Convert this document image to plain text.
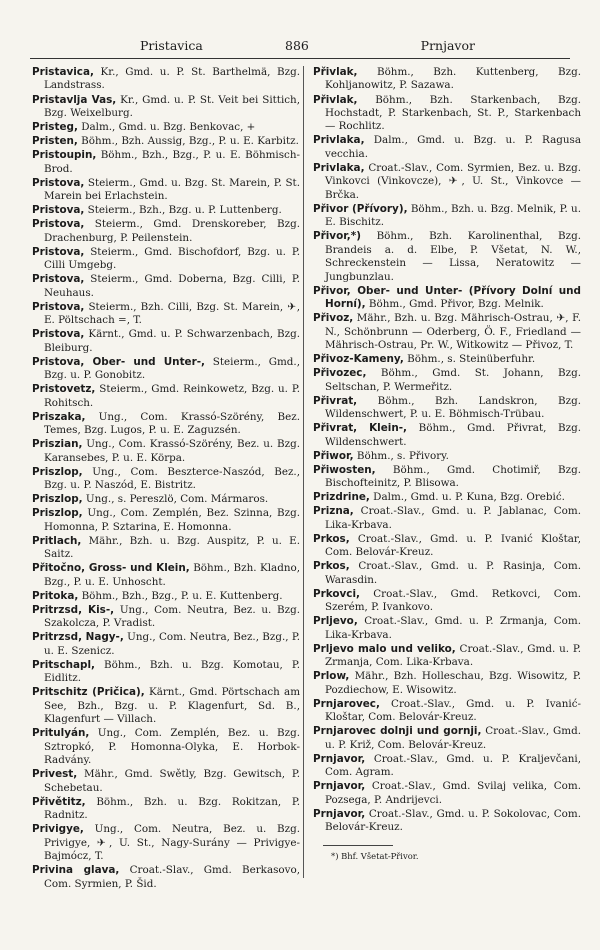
Pristavica	886	Prnjavor
Pristavica, Kr., Gmd. u. P. St. Barthelmä, Bzg. Landstrass.
Pristavlja Vas, Kr., Gmd. u. P. St. Veit bei Sittich, Bzg. Weixelburg.
Pristeg, Dalm., Gmd. u. Bzg. Benkovac, +
Pristen, Böhm., Bzh. Aussig, Bzg., P. u. E. Karbitz.
Pristoupin, Böhm., Bzh., Bzg., P. u. E. Böhmisch-Brod.
Pristova, Steierm., Gmd. u. Bzg. St. Marein, P. St. Marein bei Erlachstein.
Pristova, Steierm., Bzh., Bzg. u. P. Luttenberg.
Pristova, Steierm., Gmd. Drenskoreber, Bzg. Drachenburg, P. Peilenstein.
Pristova, Steierm., Gmd. Bischofdorf, Bzg. u. P. Cilli Umgebg.
Pristova, Steierm., Gmd. Doberna, Bzg. Cilli, P. Neuhaus.
Pristova, Steierm., Bzh. Cilli, Bzg. St. Marein, ✈, E. Pöltschach =, T.
Pristova, Kärnt., Gmd. u. P. Schwarzenbach, Bzg. Bleiburg.
Pristova, Ober- und Unter-, Steierm., Gmd., Bzg. u. P. Gonobitz.
Pristovetz, Steierm., Gmd. Reinkowetz, Bzg. u. P. Rohitsch.
Priszaka, Ung., Com. Krassó-Szörény, Bez. Temes, Bzg. Lugos, P. u. E. Zaguzsén.
Priszian, Ung., Com. Krassó-Szörény, Bez. u. Bzg. Karansebes, P. u. E. Körpa.
Priszlop, Ung., Com. Beszterce-Naszód, Bez., Bzg. u. P. Naszód, E. Bistritz.
Priszlop, Ung., s. Pereszlö, Com. Mármaros.
Priszlop, Ung., Com. Zemplén, Bez. Szinna, Bzg. Homonna, P. Sztarina, E. Homonna.
Pritlach, Mähr., Bzh. u. Bzg. Auspitz, P. u. E. Saitz.
Přitočno, Gross- und Klein, Böhm., Bzh. Kladno, Bzg., P. u. E. Unhoscht.
Pritoka, Böhm., Bzh., Bzg., P. u. E. Kuttenberg.
Pritrzsd, Kis-, Ung., Com. Neutra, Bez. u. Bzg. Szakolcza, P. Vradist.
Pritrzsd, Nagy-, Ung., Com. Neutra, Bez., Bzg., P. u. E. Szenicz.
Pritschapl, Böhm., Bzh. u. Bzg. Komotau, P. Eidlitz.
Pritschitz (Pričica), Kärnt., Gmd. Pörtschach am See, Bzh., Bzg. u. P. Klagenfurt, Sd. B., Klagenfurt — Villach.
Pritulyán, Ung., Com. Zemplén, Bez. u. Bzg. Sztropkó, P. Homonna-Olyka, E. Horbok-Radvány.
Privest, Mähr., Gmd. Swětly, Bzg. Gewitsch, P. Schebetau.
Přivětitz, Böhm., Bzh. u. Bzg. Rokitzan, P. Radnitz.
Privigye, Ung., Com. Neutra, Bez. u. Bzg. Privigye, ✈, U. St., Nagy-Surány — Privigye-Bajmócz, T.
Privina glava, Croat.-Slav., Gmd. Berkasovo, Com. Syrmien, P. Šid.
Přivlak, Böhm., Bzh. Kuttenberg, Bzg. Kohljanowitz, P. Sazawa.
Přivlak, Böhm., Bzh. Starkenbach, Bzg. Hochstadt, P. Starkenbach, St. P., Starkenbach — Rochlitz.
Privlaka, Dalm., Gmd. u. Bzg. u. P. Ragusa vecchia.
Privlaka, Croat.-Slav., Com. Syrmien, Bez. u. Bzg. Vinkovci (Vinkovcze), ✈, U. St., Vinkovce — Brčka.
Přivor (Přívory), Böhm., Bzh. u. Bzg. Melnik, P. u. E. Bischitz.
Přivor,*) Böhm., Bzh. Karolinenthal, Bzg. Brandeis a. d. Elbe, P. Všetat, N. W., Schreckenstein — Lissa, Neratowitz — Jungbunzlau.
Přivor, Ober- und Unter- (Přívory Dolní und Horní), Böhm., Gmd. Přivor, Bzg. Melnik.
Přivoz, Mähr., Bzh. u. Bzg. Mährisch-Ostrau, ✈, F. N., Schönbrunn — Oderberg, Ö. F., Friedland — Mährisch-Ostrau, Pr. W., Witkowitz — Přivoz, T.
Přivoz-Kameny, Böhm., s. Steinüberfuhr.
Přivozec, Böhm., Gmd. St. Johann, Bzg. Seltschan, P. Wermeřitz.
Přivrat, Böhm., Bzh. Landskron, Bzg. Wildenschwert, P. u. E. Böhmisch-Trübau.
Přivrat, Klein-, Böhm., Gmd. Přivrat, Bzg. Wildenschwert.
Přiwor, Böhm., s. Přivory.
Přiwosten, Böhm., Gmd. Chotimiř, Bzg. Bischofteinitz, P. Blisowa.
Prizdrine, Dalm., Gmd. u. P. Kuna, Bzg. Orebić.
Prizna, Croat.-Slav., Gmd. u. P. Jablanac, Com. Lika-Krbava.
Prkos, Croat.-Slav., Gmd. u. P. Ivanić Kloštar, Com. Belovár-Kreuz.
Prkos, Croat.-Slav., Gmd. u. P. Rasinja, Com. Warasdin.
Prkovci, Croat.-Slav., Gmd. Retkovci, Com. Szerém, P. Ivankovo.
Prljevo, Croat.-Slav., Gmd. u. P. Zrmanja, Com. Lika-Krbava.
Prljevo malo und veliko, Croat.-Slav., Gmd. u. P. Zrmanja, Com. Lika-Krbava.
Prlow, Mähr., Bzh. Holleschau, Bzg. Wisowitz, P. Pozdiechow, E. Wisowitz.
Prnjarovec, Croat.-Slav., Gmd. u. P. Ivanić-Kloštar, Com. Belovár-Kreuz.
Prnjarovec dolnji und gornji, Croat.-Slav., Gmd. u. P. Križ, Com. Belovár-Kreuz.
Prnjavor, Croat.-Slav., Gmd. u. P. Kraljevčani, Com. Agram.
Prnjavor, Croat.-Slav., Gmd. Svilaj velika, Com. Pozsega, P. Andrijevci.
Prnjavor, Croat.-Slav., Gmd. u. P. Sokolovac, Com. Belovár-Kreuz.
*) Bhf. Všetat-Přivor.
